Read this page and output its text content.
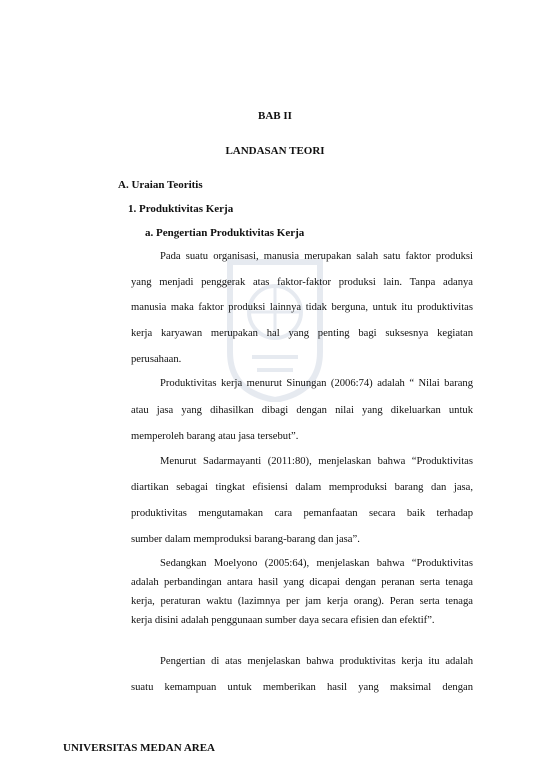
BAB II
LANDASAN TEORI
A. Uraian Teoritis
1. Produktivitas Kerja
a. Pengertian Produktivitas Kerja
Pada suatu organisasi, manusia merupakan salah satu faktor produksi
yang menjadi penggerak atas faktor-faktor produksi lain. Tanpa adanya
manusia maka faktor produksi lainnya tidak berguna, untuk itu produktivitas
kerja karyawan merupakan hal yang penting bagi suksesnya kegiatan
perusahaan.
Produktivitas kerja menurut Sinungan (2006:74) adalah “ Nilai barang
atau jasa yang dihasilkan dibagi dengan nilai yang dikeluarkan untuk
memperoleh barang atau jasa tersebut”.
Menurut Sadarmayanti (2011:80), menjelaskan bahwa “Produktivitas
diartikan sebagai tingkat efisiensi dalam memproduksi barang dan jasa,
produktivitas mengutamakan cara pemanfaatan secara baik terhadap
sumber dalam memproduksi barang-barang dan jasa”.
Sedangkan Moelyono (2005:64), menjelaskan bahwa “Produktivitas
adalah perbandingan antara hasil yang dicapai dengan peranan serta tenaga
kerja, peraturan waktu (lazimnya per jam kerja orang). Peran serta tenaga
kerja disini adalah penggunaan sumber daya secara efisien dan efektif”.
Pengertian di atas menjelaskan bahwa produktivitas kerja itu adalah
suatu kemampuan untuk memberikan hasil yang maksimal dengan
UNIVERSITAS MEDAN AREA
